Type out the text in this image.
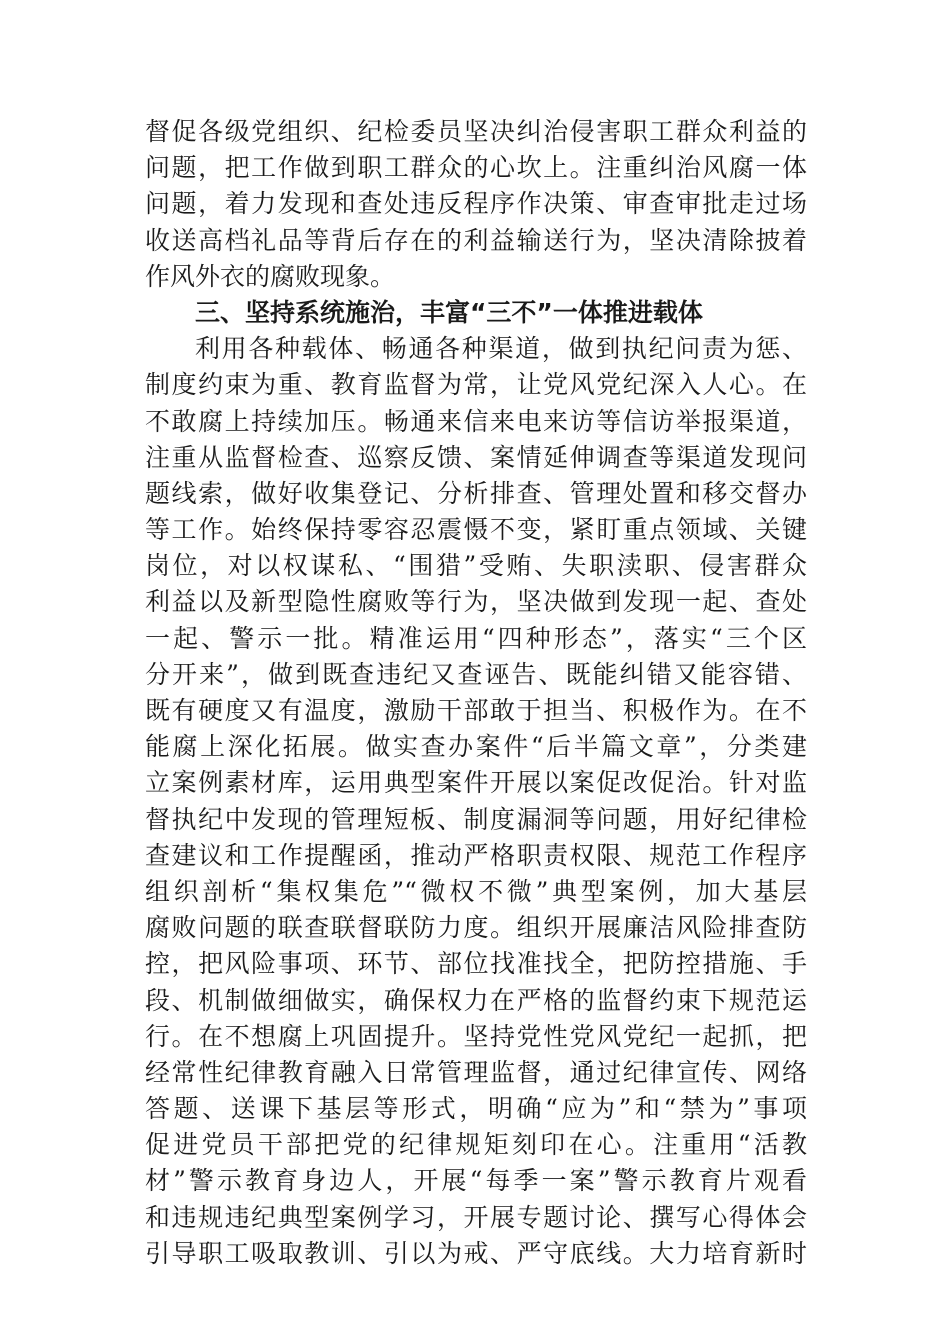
督促各级党组织、纪检委员坚决纠治侵害职工群众利益的
问题，把工作做到职工群众的心坎上。注重纠治风腐一体
问题，着力发现和查处违反程序作决策、审查审批走过场
收送高档礼品等背后存在的利益输送行为，坚决清除披着
作风外衣的腐败现象。
三、坚持系统施治，丰富“三不”一体推进载体
利用各种载体、畅通各种渠道，做到执纪问责为惩、
制度约束为重、教育监督为常，让党风党纪深入人心。在
不敢腐上持续加压。畅通来信来电来访等信访举报渠道，
注重从监督检查、巡察反馈、案情延伸调查等渠道发现问
题线索，做好收集登记、分析排查、管理处置和移交督办
等工作。始终保持零容忍震慑不变，紧盯重点领域、关键
岗位，对以权谋私、“围猎”受贿、失职渎职、侵害群众
利益以及新型隐性腐败等行为，坚决做到发现一起、查处
一起、警示一批。精准运用“四种形态”，落实“三个区
分开来”，做到既查违纪又查诬告、既能纠错又能容错、
既有硬度又有温度，激励干部敢于担当、积极作为。在不
能腐上深化拓展。做实查办案件“后半篇文章”，分类建
立案例素材库，运用典型案件开展以案促改促治。针对监
督执纪中发现的管理短板、制度漏洞等问题，用好纪律检
查建议和工作提醒函，推动严格职责权限、规范工作程序
组织剖析“集权集危”“微权不微”典型案例，加大基层
腐败问题的联查联督联防力度。组织开展廉洁风险排查防
控，把风险事项、环节、部位找准找全，把防控措施、手
段、机制做细做实，确保权力在严格的监督约束下规范运
行。在不想腐上巩固提升。坚持党性党风党纪一起抓，把
经常性纪律教育融入日常管理监督，通过纪律宣传、网络
答题、送课下基层等形式，明确“应为”和“禁为”事项
促进党员干部把党的纪律规矩刻印在心。注重用“活教
材”警示教育身边人，开展“每季一案”警示教育片观看
和违规违纪典型案例学习，开展专题讨论、撰写心得体会
引导职工吸取教训、引以为戒、严守底线。大力培育新时
